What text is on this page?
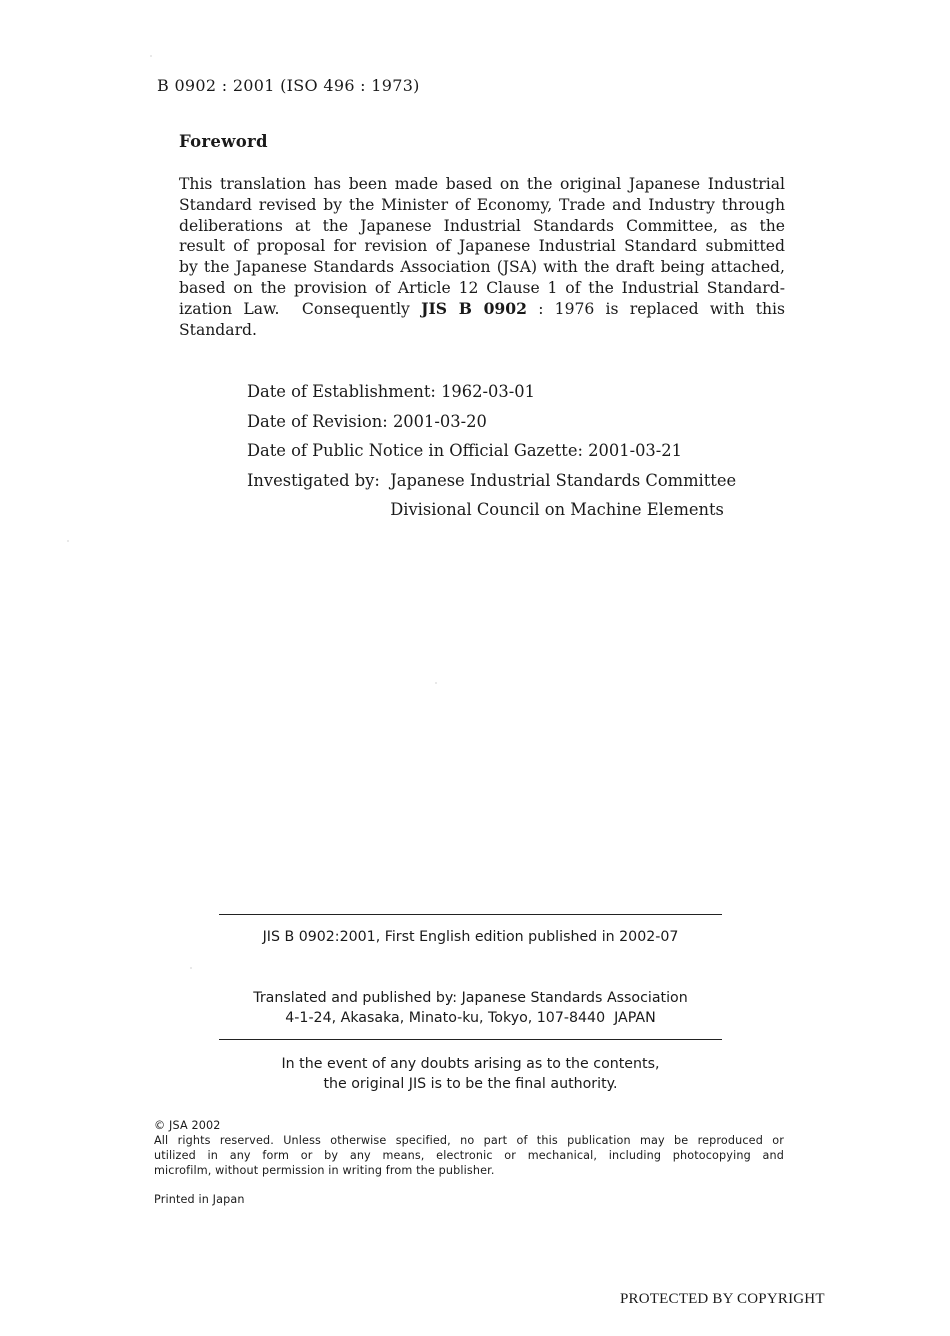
B 0902 : 2001 (ISO 496 : 1973)
Foreword
This translation has been made based on the original Japanese Industrial
Standard revised by the Minister of Economy, Trade and Industry through
deliberations at the Japanese Industrial Standards Committee, as the
result of proposal for revision of Japanese Industrial Standard submitted
by the Japanese Standards Association (JSA) with the draft being attached,
based on the provision of Article 12 Clause 1 of the Industrial Standard-
ization Law.  Consequently JIS B 0902 : 1976 is replaced with this
Standard.
Date of Establishment: 1962-03-01
Date of Revision: 2001-03-20
Date of Public Notice in Official Gazette: 2001-03-21
Investigated by: Japanese Industrial Standards Committee
Divisional Council on Machine Elements
JIS B 0902:2001, First English edition published in 2002-07
Translated and published by: Japanese Standards Association
4-1-24, Akasaka, Minato-ku, Tokyo, 107-8440  JAPAN
In the event of any doubts arising as to the contents,
the original JIS is to be the final authority.
© JSA 2002
All rights reserved. Unless otherwise specified, no part of this publication may be reproduced or
utilized in any form or by any means, electronic or mechanical, including photocopying and
microfilm, without permission in writing from the publisher.
Printed in Japan
PROTECTED BY COPYRIGHT
